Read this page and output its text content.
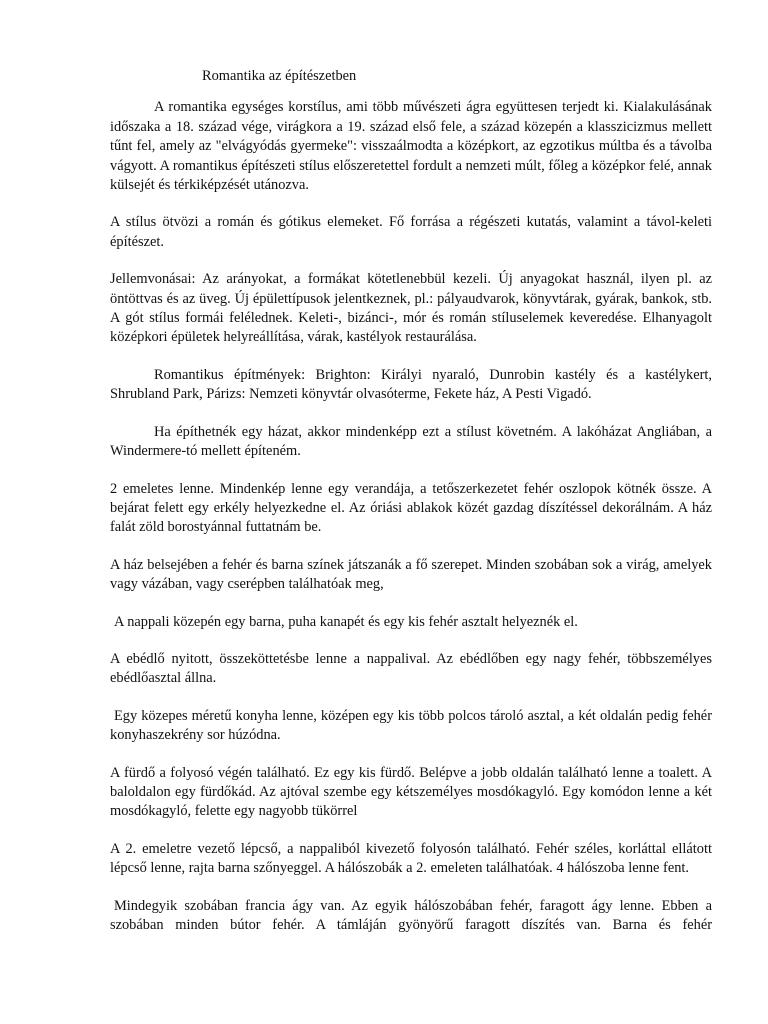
Romantika az építészetben

A romantika egységes korstílus, ami több művészeti ágra együttesen terjedt ki. Kialakulásának időszaka a 18. század vége, virágkora a 19. század első fele, a század közepén a klasszicizmus mellett tűnt fel, amely az "elvágyódás gyermeke": visszaálmodta a középkort, az egzotikus múltba és a távolba vágyott. A romantikus építészeti stílus előszeretettel fordult a nemzeti múlt, főleg a középkor felé, annak külsejét és térkiképzését utánozva.

A stílus ötvözi a román és gótikus elemeket. Fő forrása a régészeti kutatás, valamint a távol-keleti építészet.

Jellemvonásai: Az arányokat, a formákat kötetlenebbül kezeli. Új anyagokat használ, ilyen pl. az öntöttvas és az üveg. Új épülettípusok jelentkeznek, pl.: pályaudvarok, könyvtárak, gyárak, bankok, stb. A gót stílus formái felélednek. Keleti-, bizánci-, mór és román stíluselemek keveredése. Elhanyagolt középkori épületek helyreállítása, várak, kastélyok restaurálása.

Romantikus építmények: Brighton: Királyi nyaraló, Dunrobin kastély és a kastélykert, Shrubland Park, Párizs: Nemzeti könyvtár olvasóterme, Fekete ház, A Pesti Vigadó.

Ha építhetnék egy házat, akkor mindenképp ezt a stílust követném. A lakóházat Angliában, a Windermere-tó mellett építeném.

2 emeletes lenne. Mindenkép lenne egy verandája, a tetőszerkezetet fehér oszlopok kötnék össze. A bejárat felett egy erkély helyezkedne el. Az óriási ablakok közét gazdag díszítéssel dekorálnám. A ház falát zöld borostyánnal futtatnám be.

A ház belsejében a fehér és barna színek játszanák a fő szerepet. Minden szobában sok a virág, amelyek vagy vázában, vagy cserépben találhatóak meg,

A nappali közepén egy barna, puha kanapét és egy kis fehér asztalt helyeznék el.

A ebédlő nyitott, összeköttetésbe lenne a nappalival. Az ebédlőben egy nagy fehér, többszemélyes ebédlőasztal állna.

Egy közepes méretű konyha lenne, középen egy kis több polcos tároló asztal, a két oldalán pedig fehér konyhaszekrény sor húzódna.

A fürdő a folyosó végén található. Ez egy kis fürdő. Belépve a jobb oldalán található lenne a toalett. A baloldalon egy fürdőkád. Az ajtóval szembe egy kétszemélyes mosdókagyló. Egy komódon lenne a két mosdókagyló, felette egy nagyobb tükörrel

A 2. emeletre vezető lépcső, a nappaliból kivezető folyosón található. Fehér széles, korláttal ellátott lépcső lenne, rajta barna szőnyeggel. A hálószobák a 2. emeleten találhatóak. 4 hálószoba lenne fent.

Mindegyik szobában francia ágy van. Az egyik hálószobában fehér, faragott ágy lenne. Ebben a szobában minden bútor fehér. A támláján gyönyörű faragott díszítés van. Barna és fehér
